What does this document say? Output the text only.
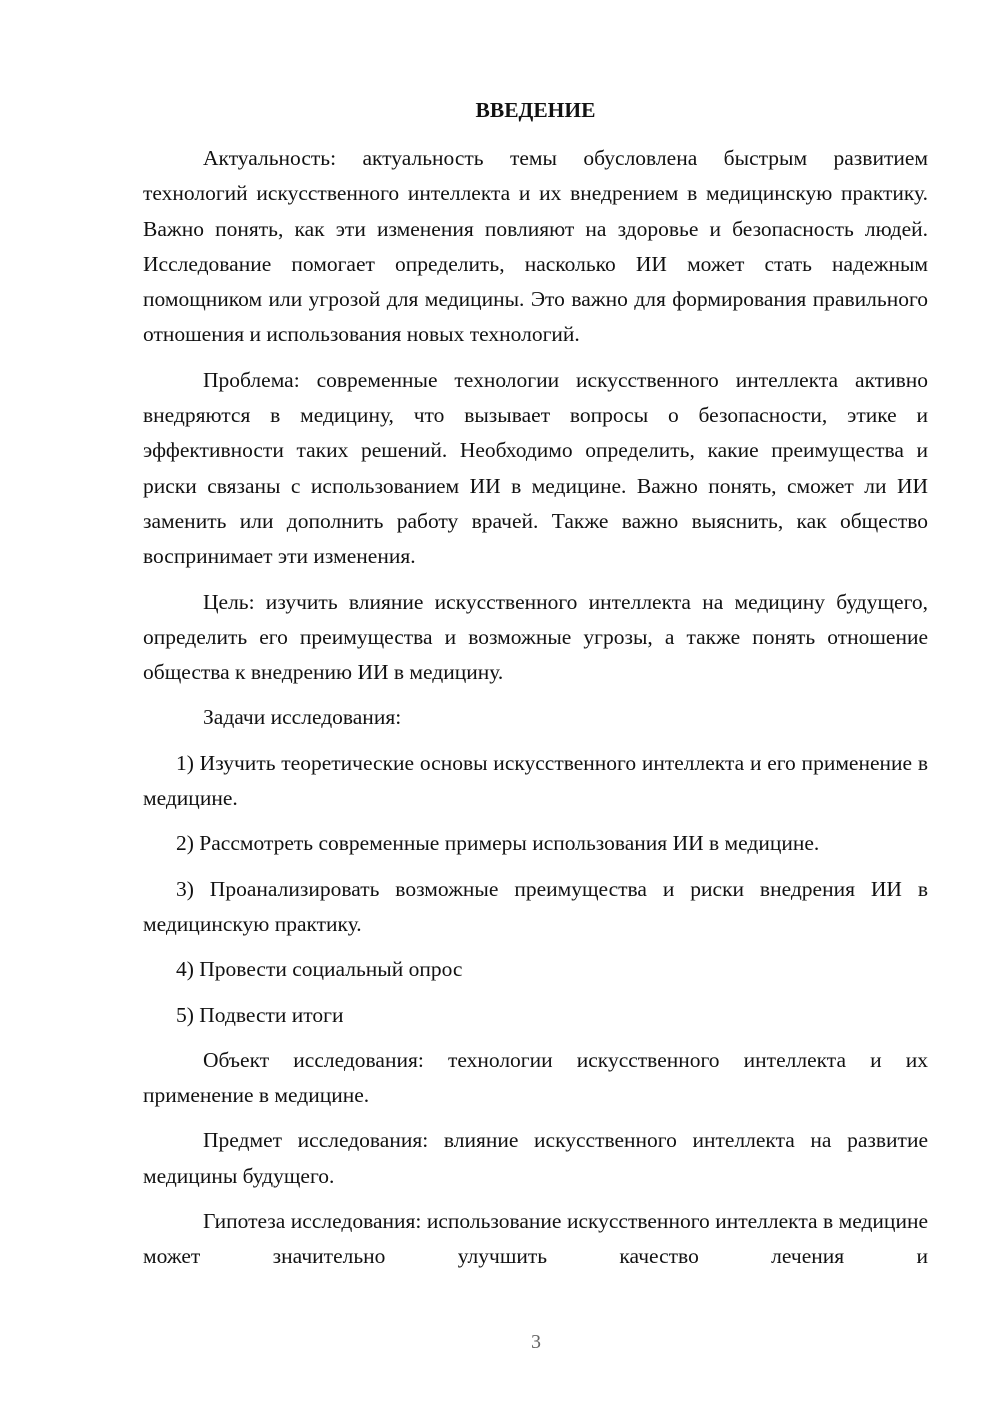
ВВЕДЕНИЕ

Актуальность: актуальность темы обусловлена быстрым развитием технологий искусственного интеллекта и их внедрением в медицинскую практику. Важно понять, как эти изменения повлияют на здоровье и безопасность людей. Исследование помогает определить, насколько ИИ может стать надежным помощником или угрозой для медицины. Это важно для формирования правильного отношения и использования новых технологий.

Проблема: современные технологии искусственного интеллекта активно внедряются в медицину, что вызывает вопросы о безопасности, этике и эффективности таких решений. Необходимо определить, какие преимущества и риски связаны с использованием ИИ в медицине. Важно понять, сможет ли ИИ заменить или дополнить работу врачей. Также важно выяснить, как общество воспринимает эти изменения.

Цель: изучить влияние искусственного интеллекта на медицину будущего, определить его преимущества и возможные угрозы, а также понять отношение общества к внедрению ИИ в медицину.

Задачи исследования:

1) Изучить теоретические основы искусственного интеллекта и его применение в медицине.

2) Рассмотреть современные примеры использования ИИ в медицине.

3) Проанализировать возможные преимущества и риски внедрения ИИ в медицинскую практику.

4) Провести социальный опрос

5) Подвести итоги

Объект исследования: технологии искусственного интеллекта и их применение в медицине.

Предмет исследования: влияние искусственного интеллекта на развитие медицины будущего.

Гипотеза исследования: использование искусственного интеллекта в медицине может значительно улучшить качество лечения и

3
